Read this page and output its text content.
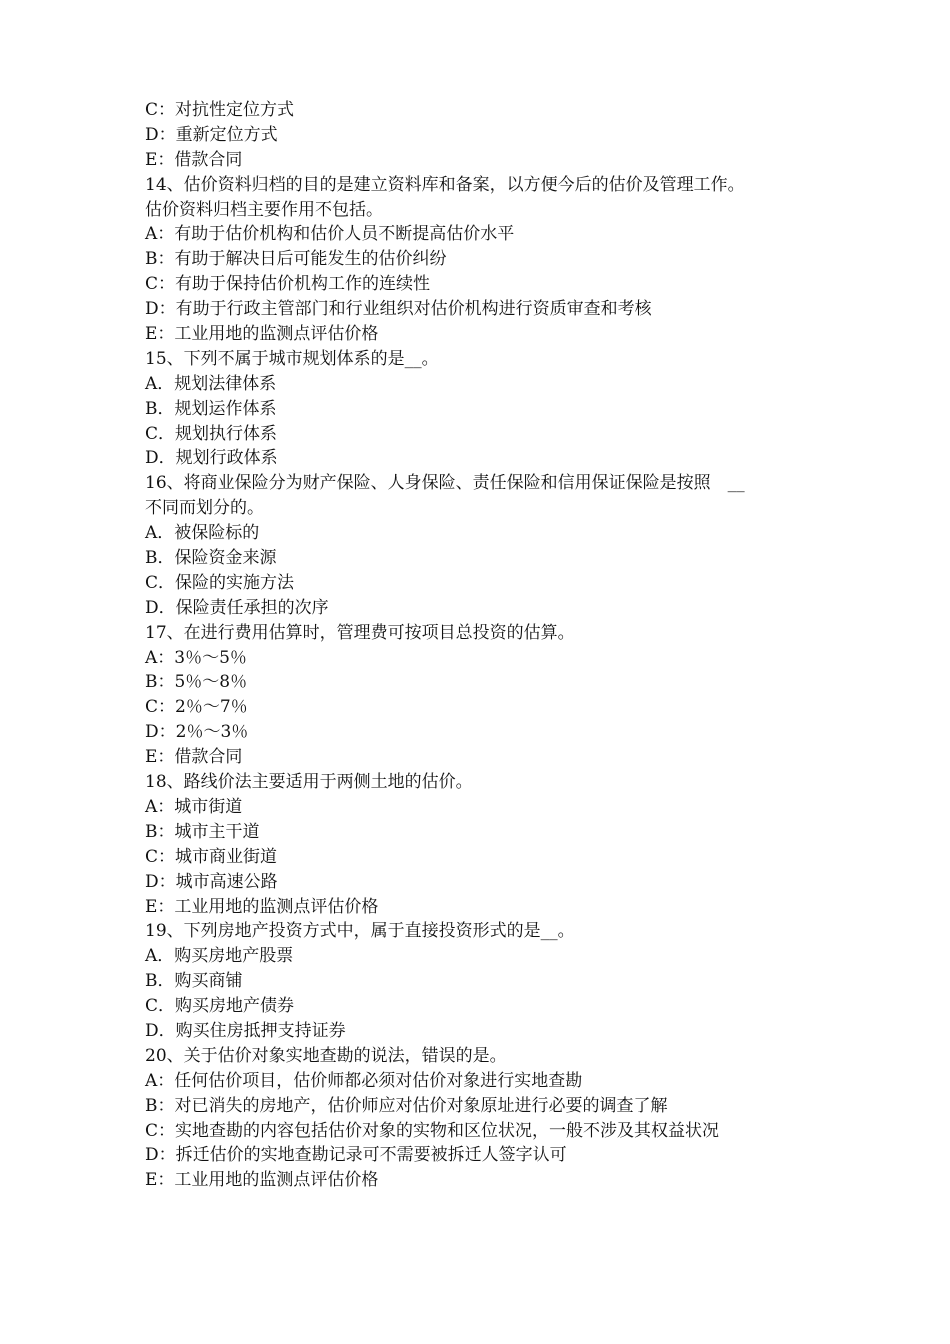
C：对抗性定位方式

D：重新定位方式

E：借款合同

14、估价资料归档的目的是建立资料库和备案，以方便今后的估价及管理工作。

估价资料归档主要作用不包括。

A：有助于估价机构和估价人员不断提高估价水平

B：有助于解决日后可能发生的估价纠纷

C：有助于保持估价机构工作的连续性

D：有助于行政主管部门和行业组织对估价机构进行资质审查和考核

E：工业用地的监测点评估价格

15、下列不属于城市规划体系的是__。

A．规划法律体系

B．规划运作体系

C．规划执行体系

D．规划行政体系

16、将商业保险分为财产保险、人身保险、责任保险和信用保证保险是按照　__

不同而划分的。

A．被保险标的

B．保险资金来源

C．保险的实施方法

D．保险责任承担的次序

17、在进行费用估算时，管理费可按项目总投资的估算。

A：3％～5％

B：5％～8％

C：2％～7％

D：2％～3％

E：借款合同

18、路线价法主要适用于两侧土地的估价。

A：城市街道

B：城市主干道

C：城市商业街道

D：城市高速公路

E：工业用地的监测点评估价格

19、下列房地产投资方式中，属于直接投资形式的是__。

A．购买房地产股票

B．购买商铺

C．购买房地产债券

D．购买住房抵押支持证券

20、关于估价对象实地查勘的说法，错误的是。

A：任何估价项目，估价师都必须对估价对象进行实地查勘

B：对已消失的房地产，估价师应对估价对象原址进行必要的调查了解

C：实地查勘的内容包括估价对象的实物和区位状况，一般不涉及其权益状况

D：拆迁估价的实地查勘记录可不需要被拆迁人签字认可

E：工业用地的监测点评估价格
